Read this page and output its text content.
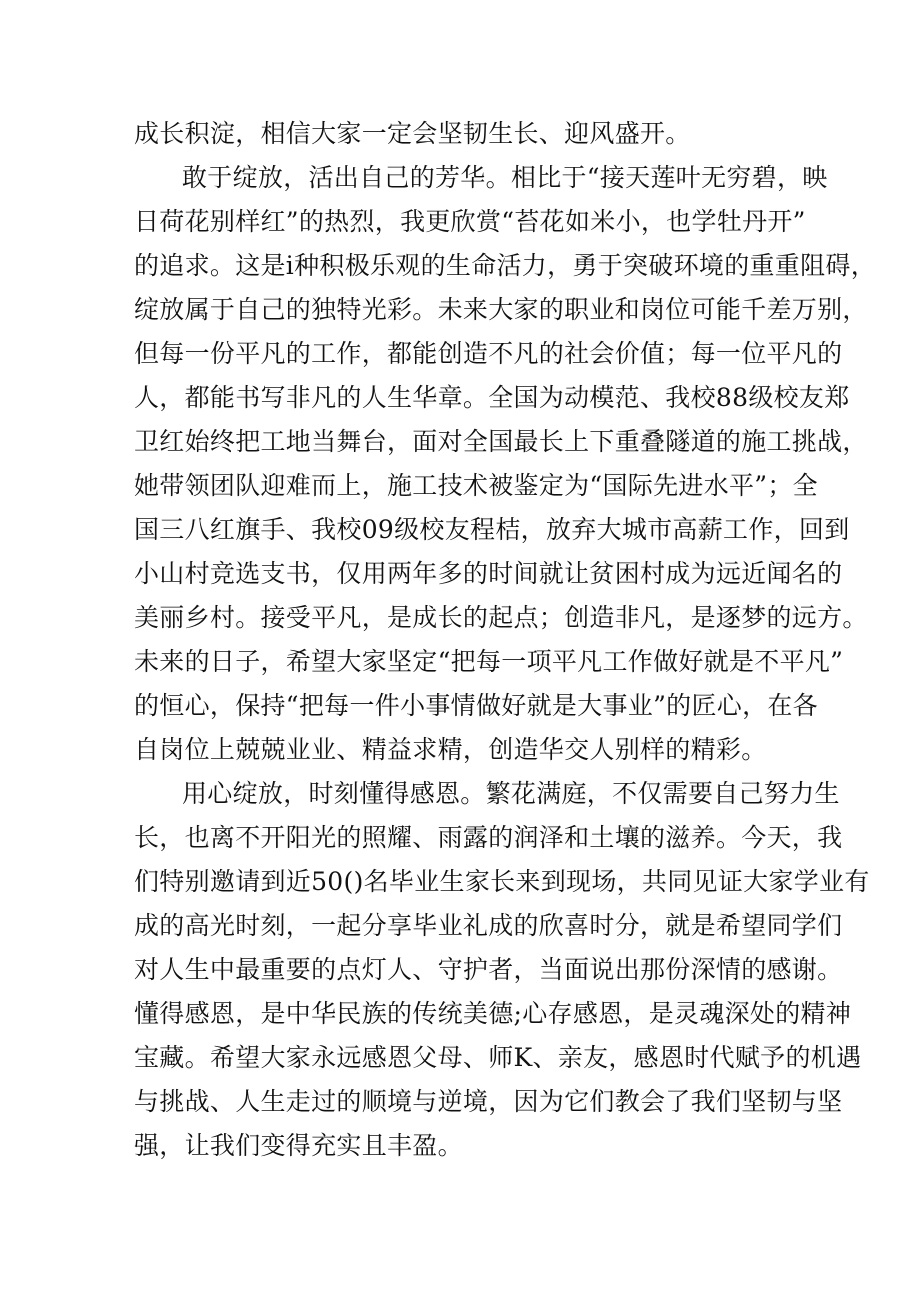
成长积淀，相信大家一定会坚韧生长、迎风盛开。
敢于绽放，活出自己的芳华。相比于“接天莲叶无穷碧，映
日荷花别样红”的热烈，我更欣赏“苔花如米小，也学牡丹开”
的追求。这是i种积极乐观的生命活力，勇于突破环境的重重阻碍，
绽放属于自己的独特光彩。未来大家的职业和岗位可能千差万别，
但每一份平凡的工作，都能创造不凡的社会价值；每一位平凡的
人，都能书写非凡的人生华章。全国为动模范、我校88级校友郑
卫红始终把工地当舞台，面对全国最长上下重叠隧道的施工挑战，
她带领团队迎难而上，施工技术被鉴定为“国际先进水平”；全
国三八红旗手、我校09级校友程桔，放弃大城市高薪工作，回到
小山村竞选支书，仅用两年多的时间就让贫困村成为远近闻名的
美丽乡村。接受平凡，是成长的起点；创造非凡，是逐梦的远方。
未来的日子，希望大家坚定“把每一项平凡工作做好就是不平凡”
的恒心，保持“把每一件小事情做好就是大事业”的匠心，在各
自岗位上兢兢业业、精益求精，创造华交人别样的精彩。
用心绽放，时刻懂得感恩。繁花满庭，不仅需要自己努力生
长，也离不开阳光的照耀、雨露的润泽和土壤的滋养。今天，我
们特别邀请到近50()名毕业生家长来到现场，共同见证大家学业有
成的高光时刻，一起分享毕业礼成的欣喜时分，就是希望同学们
对人生中最重要的点灯人、守护者，当面说出那份深情的感谢。
懂得感恩，是中华民族的传统美德;心存感恩，是灵魂深处的精神
宝藏。希望大家永远感恩父母、师K、亲友，感恩时代赋予的机遇
与挑战、人生走过的顺境与逆境，因为它们教会了我们坚韧与坚
强，让我们变得充实且丰盈。
